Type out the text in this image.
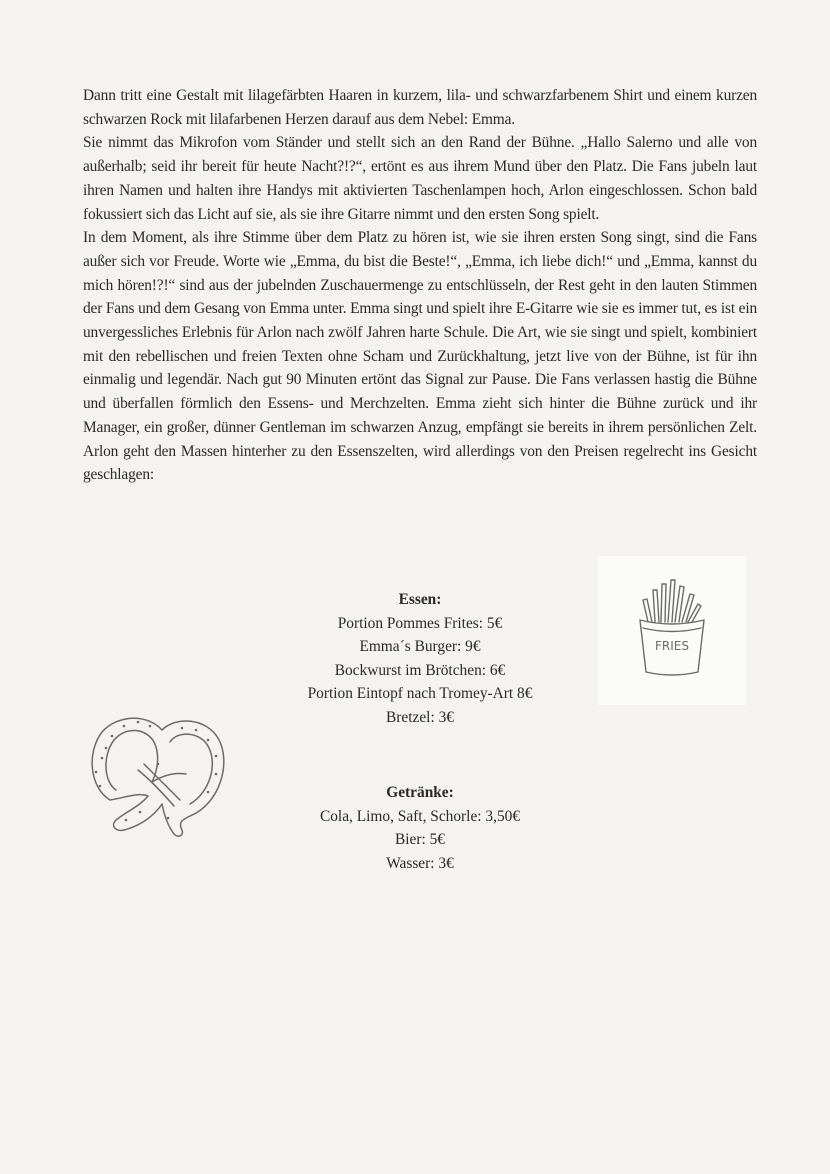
Dann tritt eine Gestalt mit lilagefärbten Haaren in kurzem, lila- und schwarzfarbenem Shirt und einem kurzen schwarzen Rock mit lilafarbenen Herzen darauf aus dem Nebel: Emma.

Sie nimmt das Mikrofon vom Ständer und stellt sich an den Rand der Bühne. „Hallo Salerno und alle von außerhalb; seid ihr bereit für heute Nacht?!?“, ertönt es aus ihrem Mund über den Platz. Die Fans jubeln laut ihren Namen und halten ihre Handys mit aktivierten Taschenlampen hoch, Arlon eingeschlossen. Schon bald fokussiert sich das Licht auf sie, als sie ihre Gitarre nimmt und den ersten Song spielt.

In dem Moment, als ihre Stimme über dem Platz zu hören ist, wie sie ihren ersten Song singt, sind die Fans außer sich vor Freude. Worte wie „Emma, du bist die Beste!“, „Emma, ich liebe dich!“ und „Emma, kannst du mich hören!?!“ sind aus der jubelnden Zuschauermenge zu entschlüsseln, der Rest geht in den lauten Stimmen der Fans und dem Gesang von Emma unter. Emma singt und spielt ihre E-Gitarre wie sie es immer tut, es ist ein unvergessliches Erlebnis für Arlon nach zwölf Jahren harte Schule. Die Art, wie sie singt und spielt, kombiniert mit den rebellischen und freien Texten ohne Scham und Zurückhaltung, jetzt live von der Bühne, ist für ihn einmalig und legendär. Nach gut 90 Minuten ertönt das Signal zur Pause. Die Fans verlassen hastig die Bühne und überfallen förmlich den Essens- und Merchzelten. Emma zieht sich hinter die Bühne zurück und ihr Manager, ein großer, dünner Gentleman im schwarzen Anzug, empfängt sie bereits in ihrem persönlichen Zelt. Arlon geht den Massen hinterher zu den Essenszelten, wird allerdings von den Preisen regelrecht ins Gesicht geschlagen:

Essen:
Portion Pommes Frites: 5€
Emma´s Burger: 9€
Bockwurst im Brötchen: 6€
Portion Eintopf nach Tromey-Art 8€
Bretzel: 3€
Getränke:
Cola, Limo, Saft, Schorle: 3,50€
Bier: 5€
Wasser: 3€
FRIES
